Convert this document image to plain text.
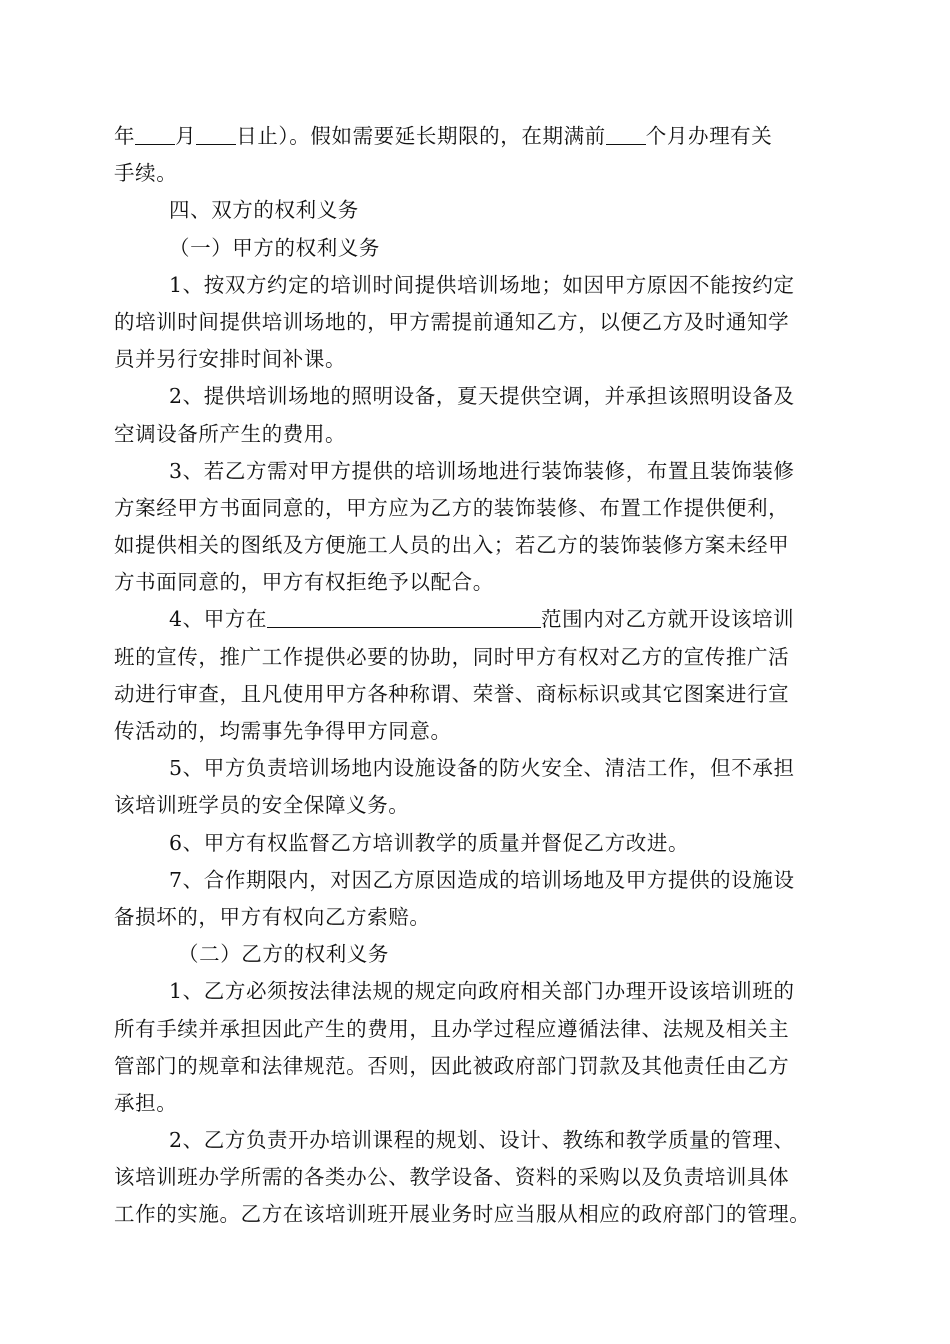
年 月 日止）。假如需要延长期限的，在期满前 个月办理有关
手续。
四、双方的权利义务
（一）甲方的权利义务
1、按双方约定的培训时间提供培训场地；如因甲方原因不能按约定
的培训时间提供培训场地的，甲方需提前通知乙方，以便乙方及时通知学
员并另行安排时间补课。
2、提供培训场地的照明设备，夏天提供空调，并承担该照明设备及
空调设备所产生的费用。
3、若乙方需对甲方提供的培训场地进行装饰装修，布置且装饰装修
方案经甲方书面同意的，甲方应为乙方的装饰装修、布置工作提供便利，
如提供相关的图纸及方便施工人员的出入；若乙方的装饰装修方案未经甲
方书面同意的，甲方有权拒绝予以配合。
4、甲方在	范围内对乙方就开设该培训
班的宣传，推广工作提供必要的协助，同时甲方有权对乙方的宣传推广活
动进行审查，且凡使用甲方各种称谓、荣誉、商标标识或其它图案进行宣
传活动的，均需事先争得甲方同意。
5、甲方负责培训场地内设施设备的防火安全、清洁工作，但不承担
该培训班学员的安全保障义务。
6、甲方有权监督乙方培训教学的质量并督促乙方改进。
7、合作期限内，对因乙方原因造成的培训场地及甲方提供的设施设
备损坏的，甲方有权向乙方索赔。
（二）乙方的权利义务
1、乙方必须按法律法规的规定向政府相关部门办理开设该培训班的
所有手续并承担因此产生的费用，且办学过程应遵循法律、法规及相关主
管部门的规章和法律规范。否则，因此被政府部门罚款及其他责任由乙方
承担。
2、乙方负责开办培训课程的规划、设计、教练和教学质量的管理、
该培训班办学所需的各类办公、教学设备、资料的采购以及负责培训具体
工作的实施。乙方在该培训班开展业务时应当服从相应的政府部门的管理。
